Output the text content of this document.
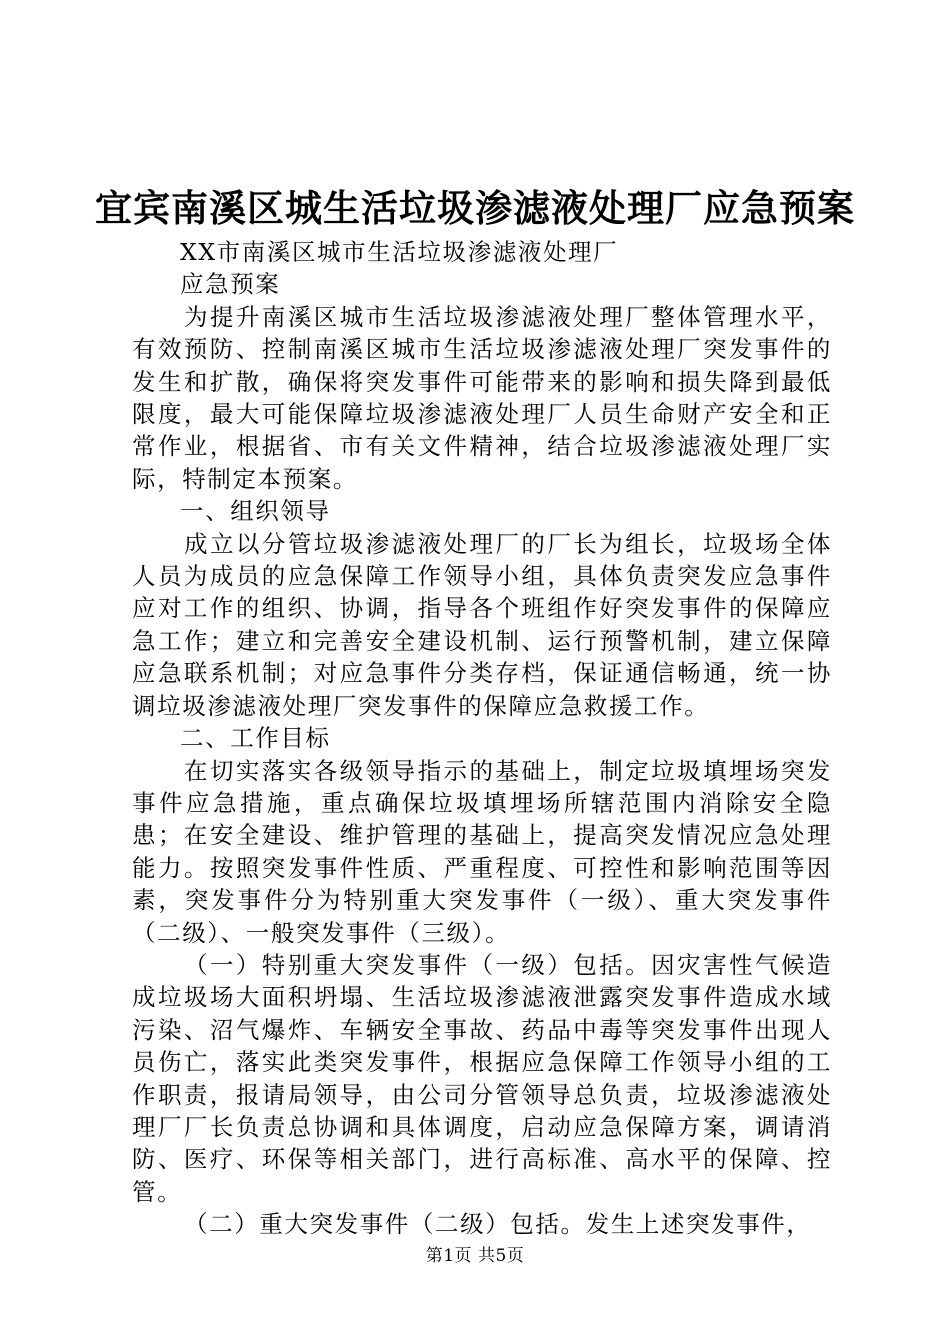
宜宾南溪区城生活垃圾渗滤液处理厂应急预案

XX市南溪区城市生活垃圾渗滤液处理厂

应急预案

为提升南溪区城市生活垃圾渗滤液处理厂整体管理水平，有效预防、控制南溪区城市生活垃圾渗滤液处理厂突发事件的发生和扩散，确保将突发事件可能带来的影响和损失降到最低限度，最大可能保障垃圾渗滤液处理厂人员生命财产安全和正常作业，根据省、市有关文件精神，结合垃圾渗滤液处理厂实际，特制定本预案。

一、组织领导

成立以分管垃圾渗滤液处理厂的厂长为组长，垃圾场全体人员为成员的应急保障工作领导小组，具体负责突发应急事件应对工作的组织、协调，指导各个班组作好突发事件的保障应急工作；建立和完善安全建设机制、运行预警机制，建立保障应急联系机制；对应急事件分类存档，保证通信畅通，统一协调垃圾渗滤液处理厂突发事件的保障应急救援工作。

二、工作目标

在切实落实各级领导指示的基础上，制定垃圾填埋场突发事件应急措施，重点确保垃圾填埋场所辖范围内消除安全隐患；在安全建设、维护管理的基础上，提高突发情况应急处理能力。按照突发事件性质、严重程度、可控性和影响范围等因素，突发事件分为特别重大突发事件（一级）、重大突发事件（二级）、一般突发事件（三级）。

（一）特别重大突发事件（一级）包括。因灾害性气候造成垃圾场大面积坍塌、生活垃圾渗滤液泄露突发事件造成水域污染、沼气爆炸、车辆安全事故、药品中毒等突发事件出现人员伤亡，落实此类突发事件，根据应急保障工作领导小组的工作职责，报请局领导，由公司分管领导总负责，垃圾渗滤液处理厂厂长负责总协调和具体调度，启动应急保障方案，调请消防、医疗、环保等相关部门，进行高标准、高水平的保障、控管。

（二）重大突发事件（二级）包括。发生上述突发事件，

第1页 共5页
